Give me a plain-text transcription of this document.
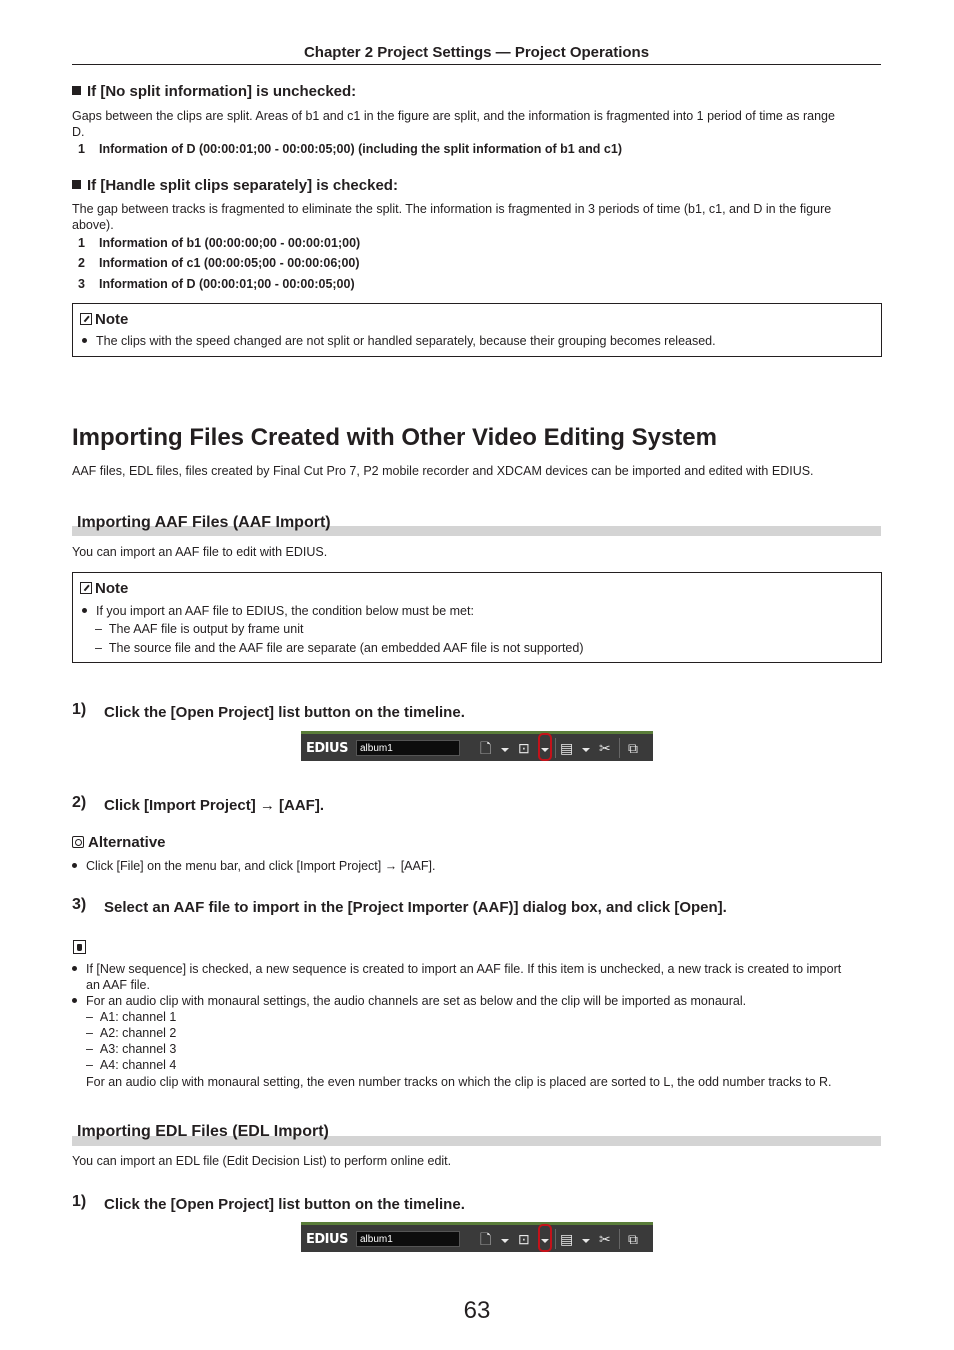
Chapter 2 Project Settings — Project Operations
If [No split information] is unchecked:
Gaps between the clips are split. Areas of b1 and c1 in the figure are split, and the information is fragmented into 1 period of time as range
D.
1 Information of D (00:00:01;00 - 00:00:05;00) (including the split information of b1 and c1)
If [Handle split clips separately] is checked:
The gap between tracks is fragmented to eliminate the split. The information is fragmented in 3 periods of time (b1, c1, and D in the figure
above).
1 Information of b1 (00:00:00;00 - 00:00:01;00)
2 Information of c1 (00:00:05;00 - 00:00:06;00)
3 Information of D (00:00:01;00 - 00:00:05;00)
Note
The clips with the speed changed are not split or handled separately, because their grouping becomes released.
Importing Files Created with Other Video Editing System
AAF files, EDL files, files created by Final Cut Pro 7, P2 mobile recorder and XDCAM devices can be imported and edited with EDIUS.
Importing AAF Files (AAF Import)
You can import an AAF file to edit with EDIUS.
Note
If you import an AAF file to EDIUS, the condition below must be met:
–  The AAF file is output by frame unit
–  The source file and the AAF file are separate (an embedded AAF file is not supported)
1) Click the [Open Project] list button on the timeline.
EDIUS	album1	🗋 ⊡ ▤ ✂ ⧉
2) Click [Import Project] → [AAF].
Alternative
Click [File] on the menu bar, and click [Import Project] → [AAF].
3) Select an AAF file to import in the [Project Importer (AAF)] dialog box, and click [Open].
If [New sequence] is checked, a new sequence is created to import an AAF file. If this item is unchecked, a new track is created to import
an AAF file.
For an audio clip with monaural settings, the audio channels are set as below and the clip will be imported as monaural.
–  A1: channel 1
–  A2: channel 2
–  A3: channel 3
–  A4: channel 4
For an audio clip with monaural setting, the even number tracks on which the clip is placed are sorted to L, the odd number tracks to R.
Importing EDL Files (EDL Import)
You can import an EDL file (Edit Decision List) to perform online edit.
1) Click the [Open Project] list button on the timeline.
EDIUS	album1	🗋 ⊡ ▤ ✂ ⧉
63
